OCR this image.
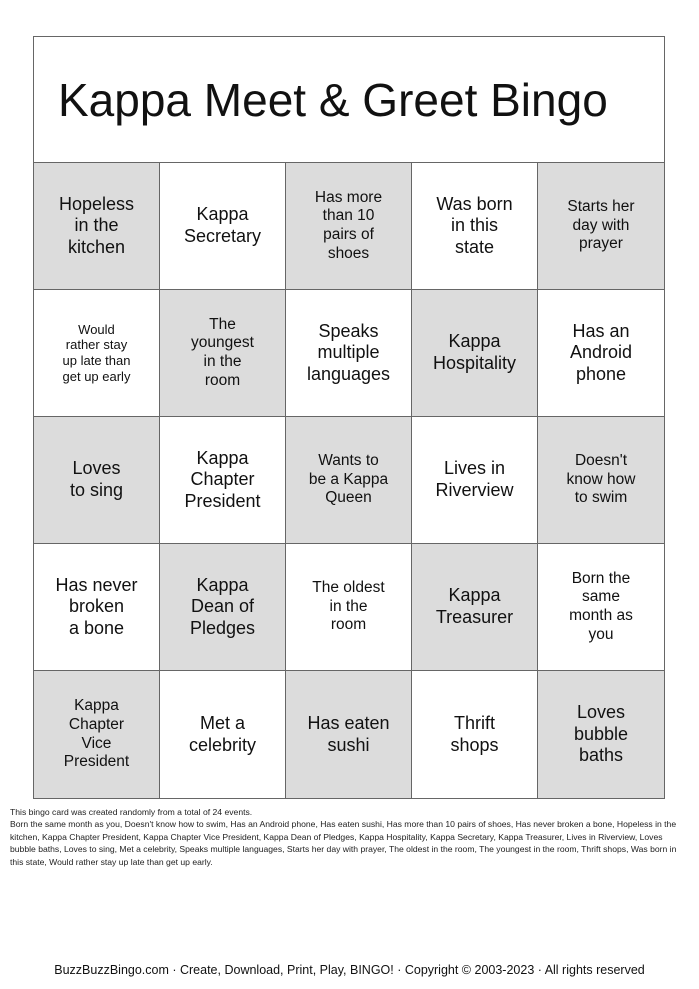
Kappa Meet & Greet Bingo
Hopeless
in the
kitchen
Kappa
Secretary
Has more
than 10
pairs of
shoes
Was born
in this
state
Starts her
day with
prayer
Would
rather stay
up late than
get up early
The
youngest
in the
room
Speaks
multiple
languages
Kappa
Hospitality
Has an
Android
phone
Loves
to sing
Kappa
Chapter
President
Wants to
be a Kappa
Queen
Lives in
Riverview
Doesn't
know how
to swim
Has never
broken
a bone
Kappa
Dean of
Pledges
The oldest
in the
room
Kappa
Treasurer
Born the
same
month as
you
Kappa
Chapter
Vice
President
Met a
celebrity
Has eaten
sushi
Thrift
shops
Loves
bubble
baths
This bingo card was created randomly from a total of 24 events.
Born the same month as you, Doesn't know how to swim, Has an Android phone, Has eaten sushi, Has more than 10 pairs of shoes, Has never broken a bone, Hopeless in the kitchen, Kappa Chapter President, Kappa Chapter Vice President, Kappa Dean of Pledges, Kappa Hospitality, Kappa Secretary, Kappa Treasurer, Lives in Riverview, Loves bubble baths, Loves to sing, Met a celebrity, Speaks multiple languages, Starts her day with prayer, The oldest in the room, The youngest in the room, Thrift shops, Was born in this state, Would rather stay up late than get up early.
BuzzBuzzBingo.com · Create, Download, Print, Play, BINGO! · Copyright © 2003-2023 · All rights reserved
